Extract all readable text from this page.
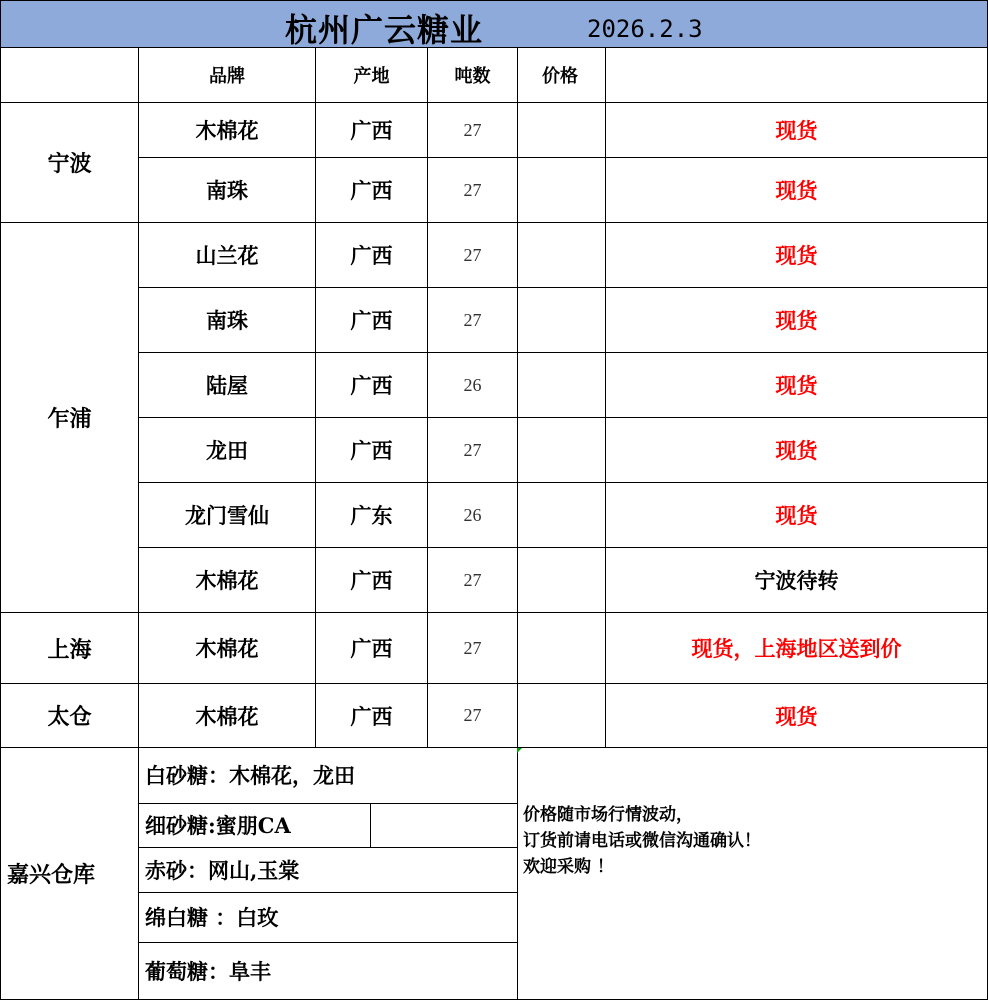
杭州广云糖业	2026.2.3

	品牌	产地	吨数	价格	
宁波	木棉花	广西	27		现货
南珠	广西	27		现货
乍浦	山兰花	广西	27		现货
南珠	广西	27		现货
陆屋	广西	26		现货
龙田	广西	27		现货
龙门雪仙	广东	26		现货
木棉花	广西	27		宁波待转
上海	木棉花	广西	27		现货，上海地区送到价
太仓	木棉花	广西	27		现货
嘉兴仓库	
白砂糖：木棉花，龙田
细砂糖:蜜朋CA	
赤砂：网山,玉棠
绵白糖 ：白玫
葡萄糖：阜丰

价格随市场行情波动，
订货前请电话或微信沟通确认！
欢迎采购 ！
